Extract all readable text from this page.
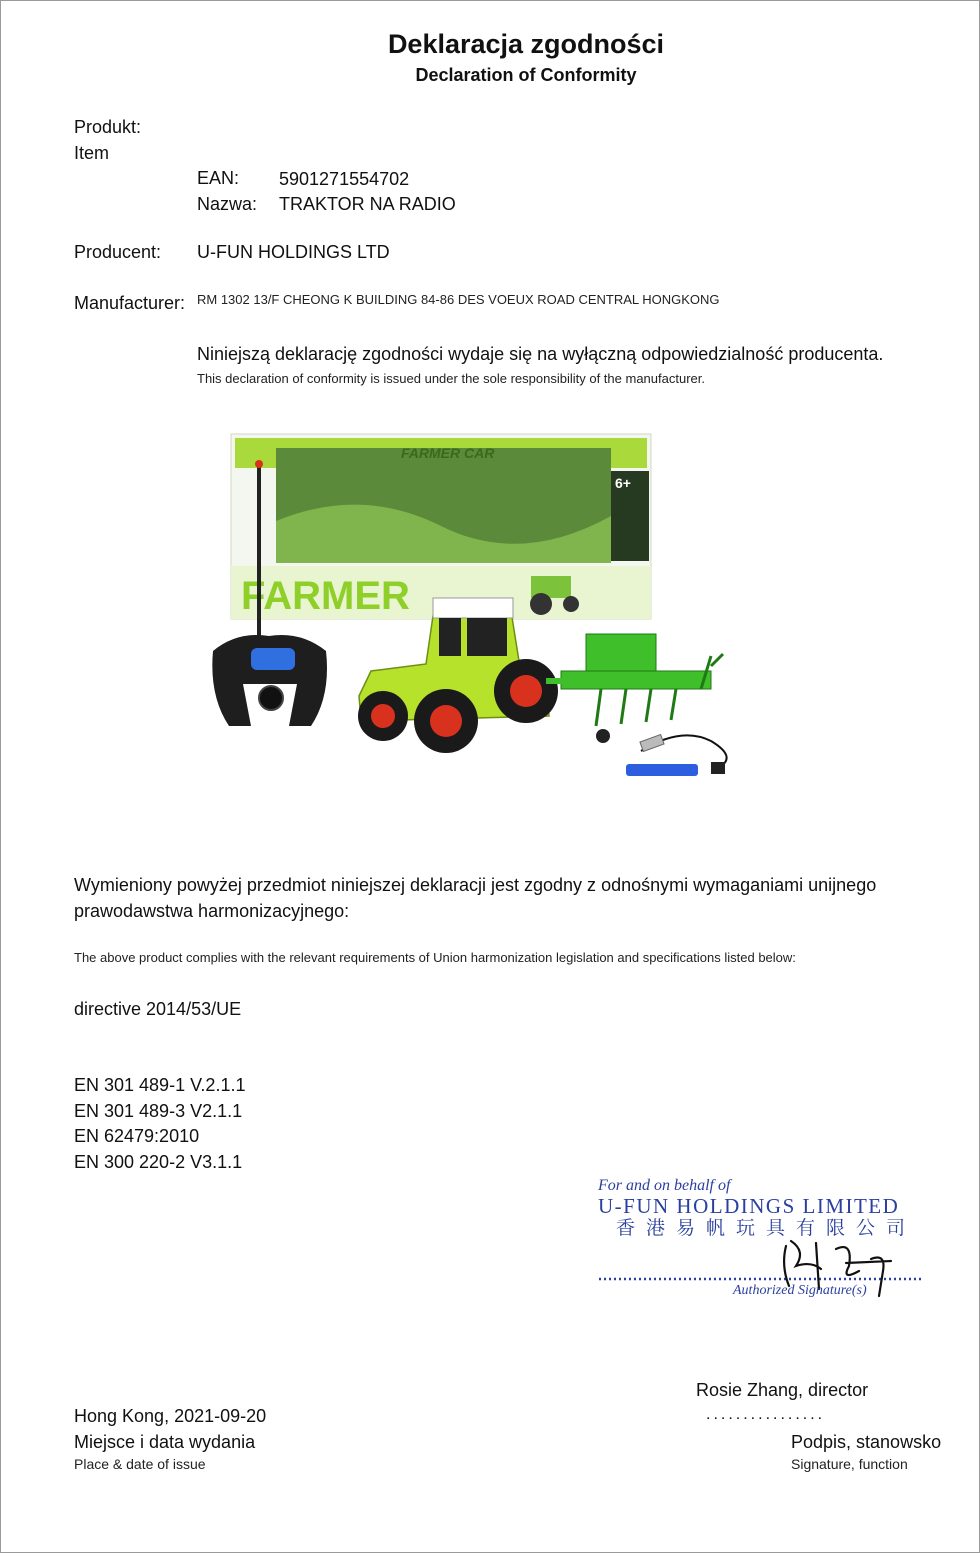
Deklaracja zgodności
Declaration of Conformity
Produkt:
Item
EAN: 5901271554702
Nazwa: TRAKTOR NA RADIO
Producent: U-FUN HOLDINGS LTD
Manufacturer: RM 1302 13/F CHEONG K BUILDING 84-86 DES VOEUX ROAD CENTRAL HONGKONG
Niniejszą deklarację zgodności wydaje się na wyłączną odpowiedzialność producenta.
This declaration of conformity is issued under the sole responsibility of the manufacturer.
FARMER
FARMER CAR
6+
Wymieniony powyżej przedmiot niniejszej deklaracji jest zgodny z odnośnymi wymaganiami unijnego
prawodawstwa harmonizacyjnego:
The above product complies with the relevant requirements of Union harmonization legislation and specifications listed below:
directive 2014/53/UE
EN 301 489-1 V.2.1.1
EN 301 489-3 V2.1.1
EN 62479:2010
EN 300 220-2 V3.1.1
For and on behalf of
U-FUN HOLDINGS LIMITED
香港易帆玩具有限公司
Authorized Signature(s)
Rosie Zhang, director
................
Podpis, stanowsko
Signature, function
Hong Kong, 2021-09-20
Miejsce i data wydania
Place & date of issue
